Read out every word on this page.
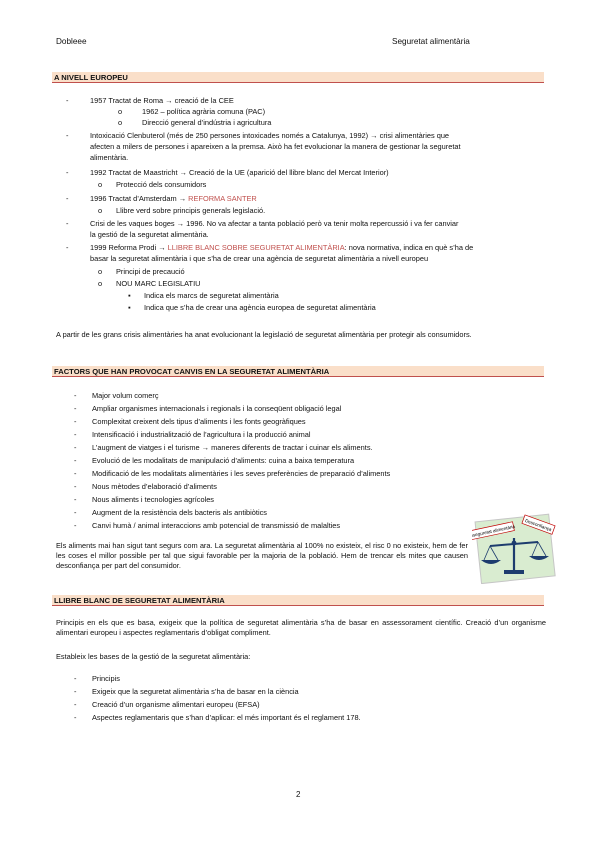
Dobleee	Seguretat alimentària
A NIVELL EUROPEU
-	1957 Tractat de Roma → creació de la CEE
o	1962 – política agrària comuna (PAC)
o	Direcció general d’indústria i agricultura
-	Intoxicació Clenbuterol (més de 250 persones intoxicades només a Catalunya, 1992) → crisi alimentàries que
afecten a milers de persones i apareixen a la premsa. Això ha fet evolucionar la manera de gestionar la seguretat
alimentària.
-	1992 Tractat de Maastricht → Creació de la UE (aparició del llibre blanc del Mercat Interior)
o Protecció dels consumidors
-	1996 Tractat d’Amsterdam → REFORMA SANTER
o Llibre verd sobre principis generals legislació.
-	Crisi de les vaques boges → 1996. No va afectar a tanta població però va tenir molta repercussió i va fer canviar
la gestió de la seguretat alimentària.
-	1999 Reforma Prodi → LLIBRE BLANC SOBRE SEGURETAT ALIMENTÀRIA: nova normativa, indica en què s’ha de
basar la seguretat alimentària i que s’ha de crear una agència de seguretat alimentària a nivell europeu
o Principi de precaució
o NOU MARC LEGISLATIU
▪ Indica els marcs de seguretat alimentària
▪ Indica que s’ha de crear una agència europea de seguretat alimentària
A partir de les grans crisis alimentàries ha anat evolucionant la legislació de seguretat alimentària per protegir als consumidors.
FACTORS QUE HAN PROVOCAT CANVIS EN LA SEGURETAT ALIMENTÀRIA
- Major volum comerç
- Ampliar organismes internacionals i regionals i la conseqüent obligació legal
- Complexitat creixent dels tipus d’aliments i les fonts geogràfiques
- Intensificació i industrialització de l’agricultura i la producció animal
- L’augment de viatges i el turisme → maneres diferents de tractar i cuinar els aliments.
- Evolució de les modalitats de manipulació d’aliments: cuina a baixa temperatura
- Modificació de les modalitats alimentàries i les seves preferències de preparació d’aliments
- Nous mètodes d’elaboració d’aliments
- Nous aliments i tecnologies agrícoles
- Augment de la resistència dels bacteris als antibiòtics
- Canvi humà / animal interaccions amb potencial de transmissió de malalties
Els aliments mai han sigut tant segurs com ara. La seguretat alimentària al 100% no existeix, el risc 0 no existeix, hem de fer les coses el millor possible per tal que sigui favorable per la majoria de la població. Hem de trencar els mites que causen desconfiança per part del consumidor.
Inseguretat alimentària Desconfiança
LLIBRE BLANC DE SEGURETAT ALIMENTÀRIA
Principis en els que es basa, exigeix que la política de seguretat alimentària s’ha de basar en assessorament científic. Creació d’un organisme alimentari europeu i aspectes reglamentaris d’obligat compliment.
Estableix les bases de la gestió de la seguretat alimentària:
- Principis
- Exigeix que la seguretat alimentària s’ha de basar en la ciència
- Creació d’un organisme alimentari europeu (EFSA)
- Aspectes reglamentaris que s’han d’aplicar: el més important és el reglament 178.
2
